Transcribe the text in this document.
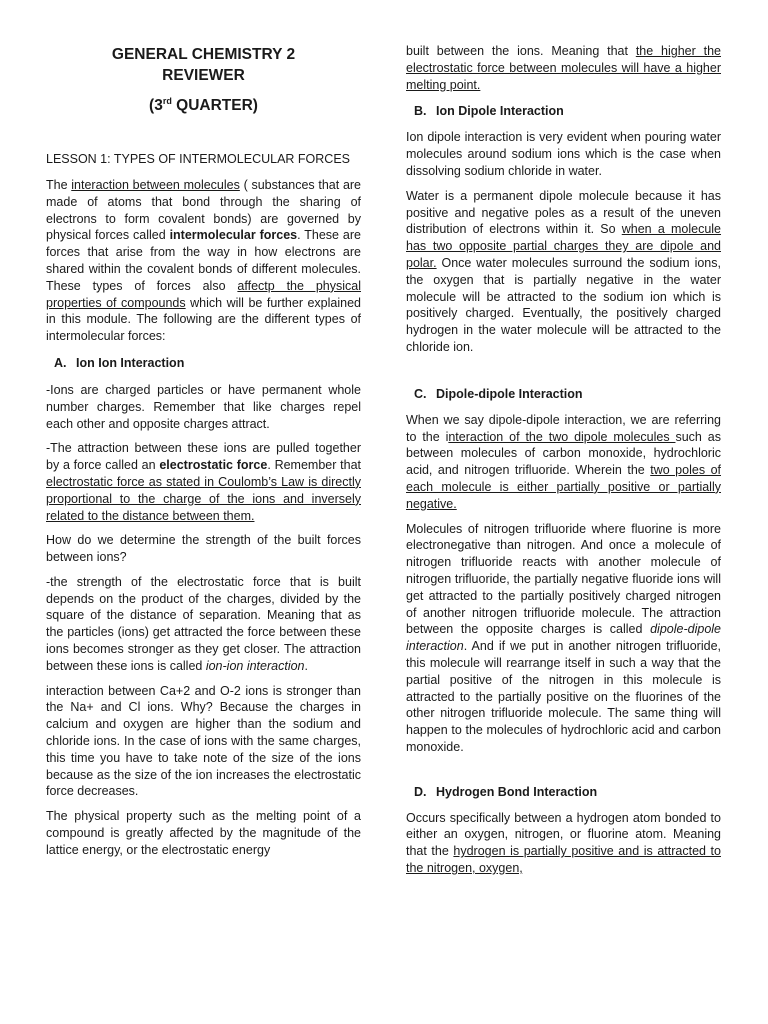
GENERAL CHEMISTRY 2

REVIEWER

(3rd QUARTER)

LESSON 1: TYPES OF INTERMOLECULAR FORCES

The interaction between molecules ( substances that are made of atoms that bond through the sharing of electrons to form covalent bonds) are governed by physical forces called intermolecular forces. These are forces that arise from the way in how electrons are shared within the covalent bonds of different molecules. These types of forces also affectp the physical properties of compounds which will be further explained in this module. The following are the different types of intermolecular forces:

A. Ion Ion Interaction

-Ions are charged particles or have permanent whole number charges. Remember that like charges repel each other and opposite charges attract.

-The attraction between these ions are pulled together by a force called an electrostatic force. Remember that electrostatic force as stated in Coulomb’s Law is directly proportional to the charge of the ions and inversely related to the distance between them.

How do we determine the strength of the built forces between ions?

-the strength of the electrostatic force that is built depends on the product of the charges, divided by the square of the distance of separation. Meaning that as the particles (ions) get attracted the force between these ions becomes stronger as they get closer. The attraction between these ions is called ion-ion interaction.

interaction between Ca+2 and O-2 ions is stronger than the Na+ and Cl ions. Why? Because the charges in calcium and oxygen are higher than the sodium and chloride ions. In the case of ions with the same charges, this time you have to take note of the size of the ions because as the size of the ion increases the electrostatic force decreases.

The physical property such as the melting point of a compound is greatly affected by the magnitude of the lattice energy, or the electrostatic energy

built between the ions. Meaning that the higher the electrostatic force between molecules will have a higher melting point.

B. Ion Dipole Interaction

Ion dipole interaction is very evident when pouring water molecules around sodium ions which is the case when dissolving sodium chloride in water.

Water is a permanent dipole molecule because it has positive and negative poles as a result of the uneven distribution of electrons within it. So when a molecule has two opposite partial charges they are dipole and polar. Once water molecules surround the sodium ions, the oxygen that is partially negative in the water molecule will be attracted to the sodium ion which is positively charged. Eventually, the positively charged hydrogen in the water molecule will be attracted to the chloride ion.

C. Dipole-dipole Interaction

When we say dipole-dipole interaction, we are referring to the interaction of the two dipole molecules such as between molecules of carbon monoxide, hydrochloric acid, and nitrogen trifluoride. Wherein the two poles of each molecule is either partially positive or partially negative.

Molecules of nitrogen trifluoride where fluorine is more electronegative than nitrogen. And once a molecule of nitrogen trifluoride reacts with another molecule of nitrogen trifluoride, the partially negative fluoride ions will get attracted to the partially positively charged nitrogen of another nitrogen trifluoride molecule. The attraction between the opposite charges is called dipole-dipole interaction. And if we put in another nitrogen trifluoride, this molecule will rearrange itself in such a way that the partial positive of the nitrogen in this molecule is attracted to the partially positive on the fluorines of the other nitrogen trifluoride molecule. The same thing will happen to the molecules of hydrochloric acid and carbon monoxide.

D. Hydrogen Bond Interaction

Occurs specifically between a hydrogen atom bonded to either an oxygen, nitrogen, or fluorine atom. Meaning that the hydrogen is partially positive and is attracted to the nitrogen, oxygen,
